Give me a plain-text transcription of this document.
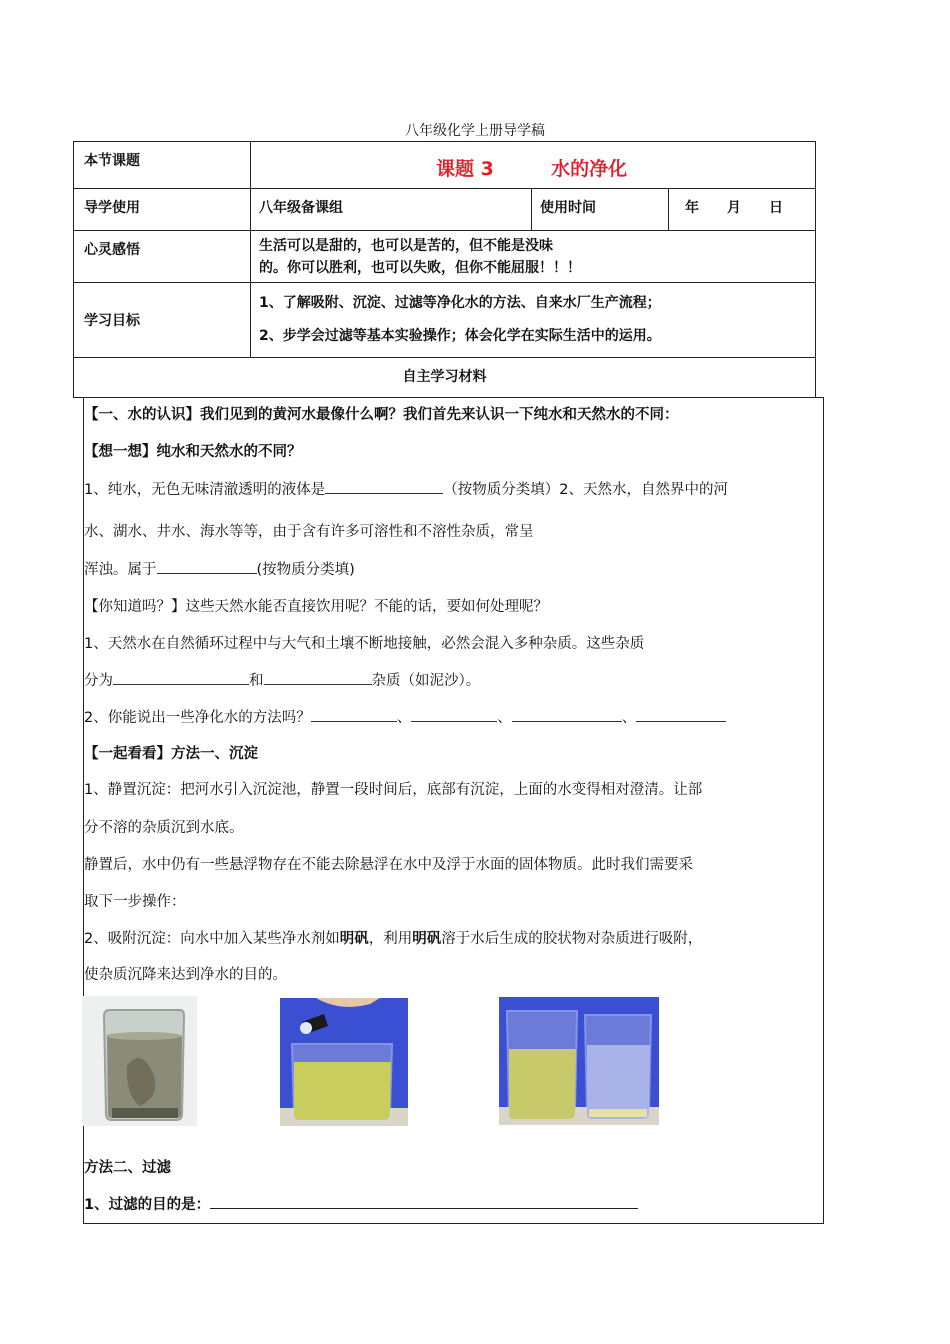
八年级化学上册导学稿
本节课题	课题 3 水的净化		

导学使用	八年级备课组	使用时间	年　　月　　日
心灵感悟	生活可以是甜的，也可以是苦的，但不能是没味
的。你可以胜利，也可以失败，但你不能屈服！！！		

学习目标	1、了解吸附、沉淀、过滤等净化水的方法、自来水厂生产流程；
2、步学会过滤等基本实验操作；体会化学在实际生活中的运用。		

自主学习材料			
【一、水的认识】我们见到的黄河水最像什么啊？我们首先来认识一下纯水和天然水的不同：
【想一想】纯水和天然水的不同？
1、纯水，无色无味清澈透明的液体是	（按物质分类填）2、天然水，自然界中的河
水、湖水、井水、海水等等，由于含有许多可溶性和不溶性杂质，常呈
浑浊。属于	(按物质分类填)
【你知道吗？】这些天然水能否直接饮用呢？不能的话，要如何处理呢？
1、天然水在自然循环过程中与大气和土壤不断地接触，必然会混入多种杂质。这些杂质
分为	和	杂质（如泥沙）。
2、你能说出一些净化水的方法吗？	、	、	、
【一起看看】方法一、沉淀
1、静置沉淀：把河水引入沉淀池，静置一段时间后，底部有沉淀，上面的水变得相对澄清。让部
分不溶的杂质沉到水底。
静置后，水中仍有一些悬浮物存在不能去除悬浮在水中及浮于水面的固体物质。此时我们需要采
取下一步操作：
2、吸附沉淀：向水中加入某些净水剂如明矾，利用明矾溶于水后生成的胶状物对杂质进行吸附，
使杂质沉降来达到净水的目的。
方法二、过滤
1、过滤的目的是：
